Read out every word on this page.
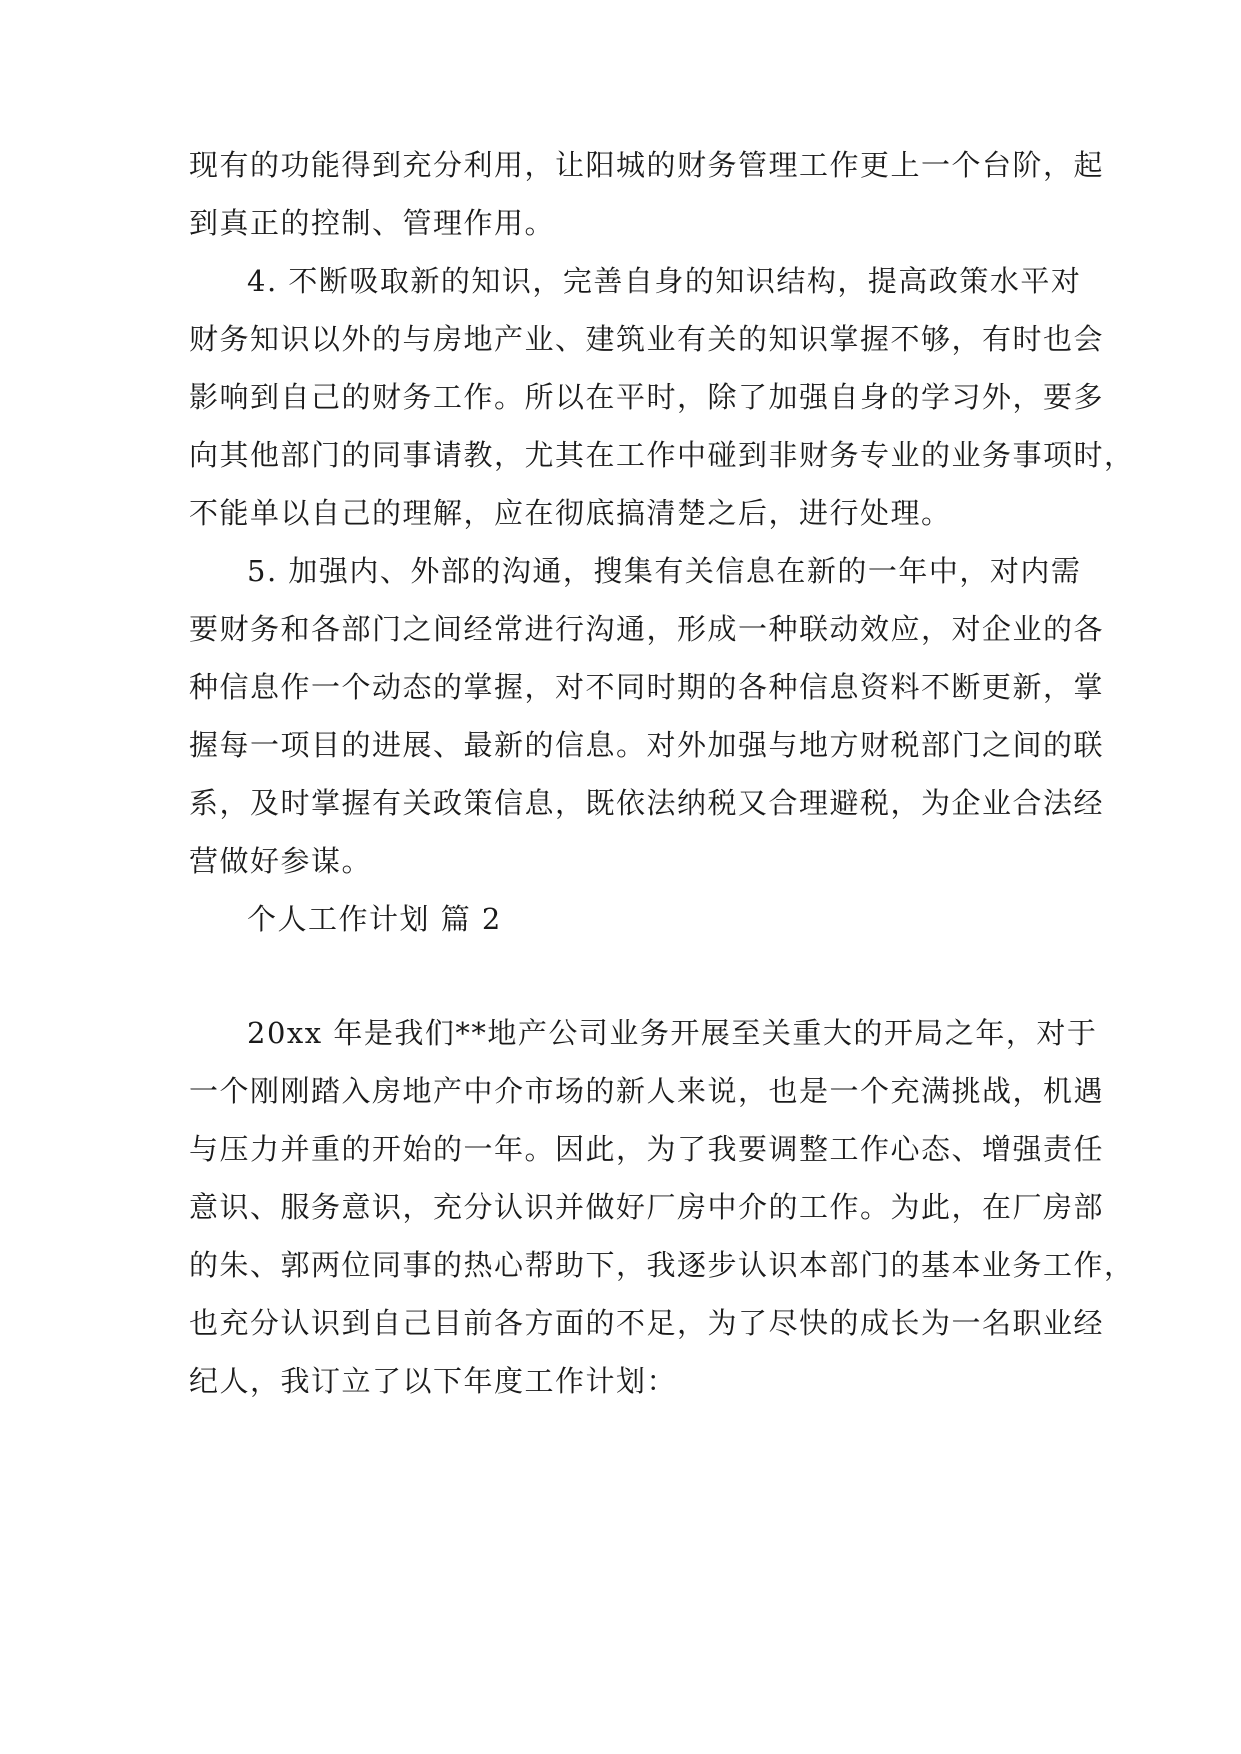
现有的功能得到充分利用，让阳城的财务管理工作更上一个台阶，起
到真正的控制、管理作用。
4. 不断吸取新的知识，完善自身的知识结构，提高政策水平对
财务知识以外的与房地产业、建筑业有关的知识掌握不够，有时也会
影响到自己的财务工作。所以在平时，除了加强自身的学习外，要多
向其他部门的同事请教，尤其在工作中碰到非财务专业的业务事项时，
不能单以自己的理解，应在彻底搞清楚之后，进行处理。
5. 加强内、外部的沟通，搜集有关信息在新的一年中，对内需
要财务和各部门之间经常进行沟通，形成一种联动效应，对企业的各
种信息作一个动态的掌握，对不同时期的各种信息资料不断更新，掌
握每一项目的进展、最新的信息。对外加强与地方财税部门之间的联
系，及时掌握有关政策信息，既依法纳税又合理避税，为企业合法经
营做好参谋。
个人工作计划 篇 2
20xx 年是我们**地产公司业务开展至关重大的开局之年，对于
一个刚刚踏入房地产中介市场的新人来说，也是一个充满挑战，机遇
与压力并重的开始的一年。因此，为了我要调整工作心态、增强责任
意识、服务意识，充分认识并做好厂房中介的工作。为此，在厂房部
的朱、郭两位同事的热心帮助下，我逐步认识本部门的基本业务工作，
也充分认识到自己目前各方面的不足，为了尽快的成长为一名职业经
纪人，我订立了以下年度工作计划：
